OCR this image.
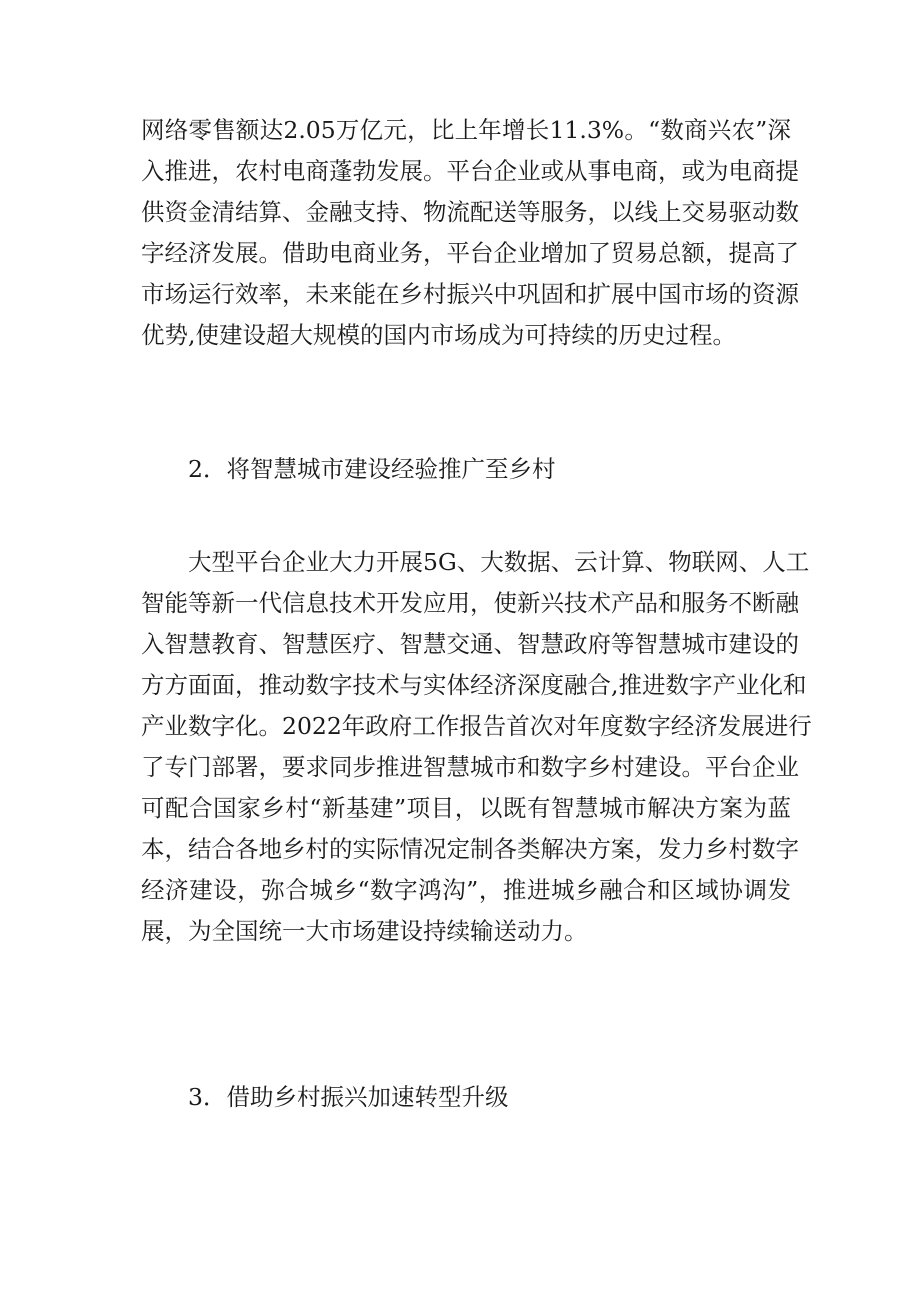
网络零售额达2.05万亿元，比上年增长11.3%。“数商兴农”深
入推进，农村电商蓬勃发展。平台企业或从事电商，或为电商提
供资金清结算、金融支持、物流配送等服务，以线上交易驱动数
字经济发展。借助电商业务，平台企业增加了贸易总额，提高了
市场运行效率，未来能在乡村振兴中巩固和扩展中国市场的资源
优势,使建设超大规模的国内市场成为可持续的历史过程。
2．将智慧城市建设经验推广至乡村
大型平台企业大力开展5G、大数据、云计算、物联网、人工
智能等新一代信息技术开发应用，使新兴技术产品和服务不断融
入智慧教育、智慧医疗、智慧交通、智慧政府等智慧城市建设的
方方面面，推动数字技术与实体经济深度融合,推进数字产业化和
产业数字化。2022年政府工作报告首次对年度数字经济发展进行
了专门部署，要求同步推进智慧城市和数字乡村建设。平台企业
可配合国家乡村“新基建”项目，以既有智慧城市解决方案为蓝
本，结合各地乡村的实际情况定制各类解决方案，发力乡村数字
经济建设，弥合城乡“数字鸿沟”，推进城乡融合和区域协调发
展，为全国统一大市场建设持续输送动力。
3．借助乡村振兴加速转型升级
